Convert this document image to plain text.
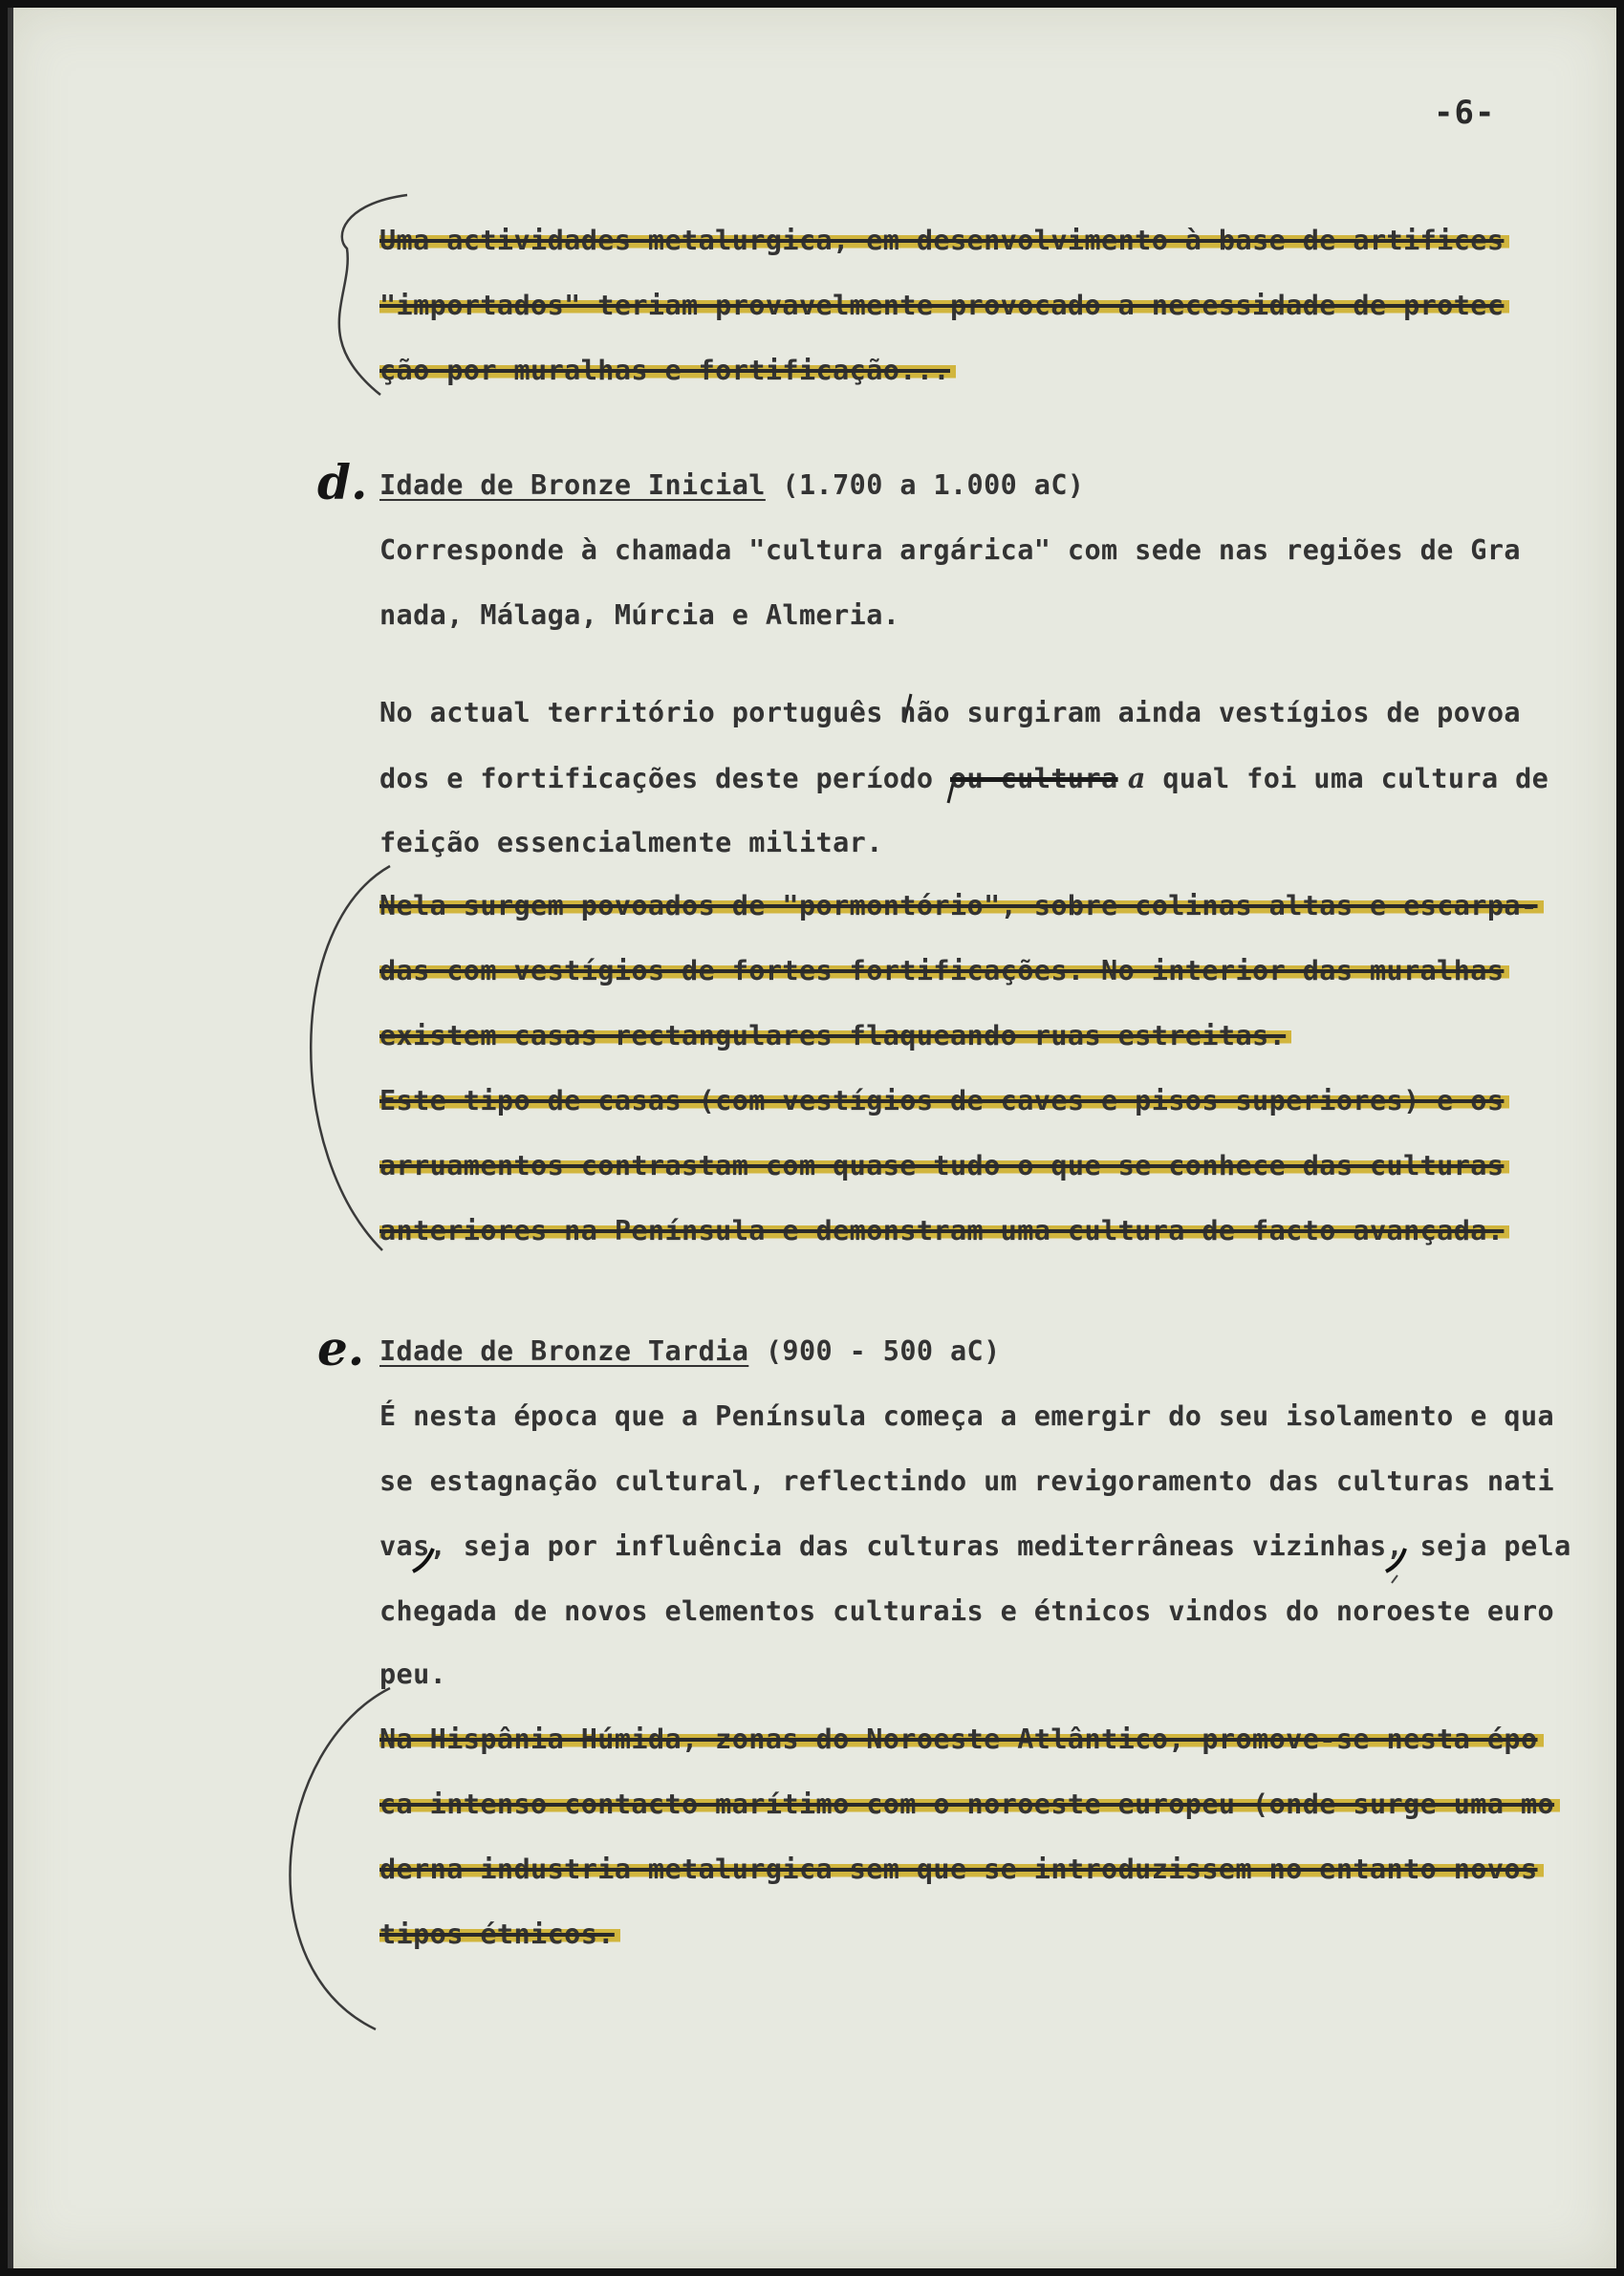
-6-
Uma actividades metalurgica, em desenvolvimento à base de artifices
"importados" teriam provavelmente provocado a necessidade de protec
ção por muralhas e fortificação...
d. Idade de Bronze Inicial (1.700 a 1.000 aC)
Corresponde à chamada "cultura argárica" com sede nas regiões de Gra
nada, Málaga, Múrcia e Almeria.
No actual território português não surgiram ainda vestígios de povoa
dos e fortificações deste período ou cultura a qual foi uma cultura de
feição essencialmente militar.
Nela surgem povoados de "pormontório", sobre colinas altas e escarpa-
das com vestígios de fortes fortificações. No interior das muralhas
existem casas rectangulares flaqueando ruas estreitas.
Este tipo de casas (com vestígios de caves e pisos superiores) e os
arruamentos contrastam com quase tudo o que se conhece das culturas
anteriores na Península e demonstram uma cultura de facto avançada.
e. Idade de Bronze Tardia (900 - 500 aC)
É nesta época que a Península começa a emergir do seu isolamento e qua
se estagnação cultural, reflectindo um revigoramento das culturas nati
vas, seja por influência das culturas mediterrâneas vizinhas, seja pela
chegada de novos elementos culturais e étnicos vindos do noroeste euro
peu.
Na Hispânia Húmida, zonas do Noroeste Atlântico, promove-se nesta épo
ca intenso contacto marítimo com o noroeste europeu (onde surge uma mo
derna industria metalurgica sem que se introduzissem no entanto novos
tipos étnicos.
